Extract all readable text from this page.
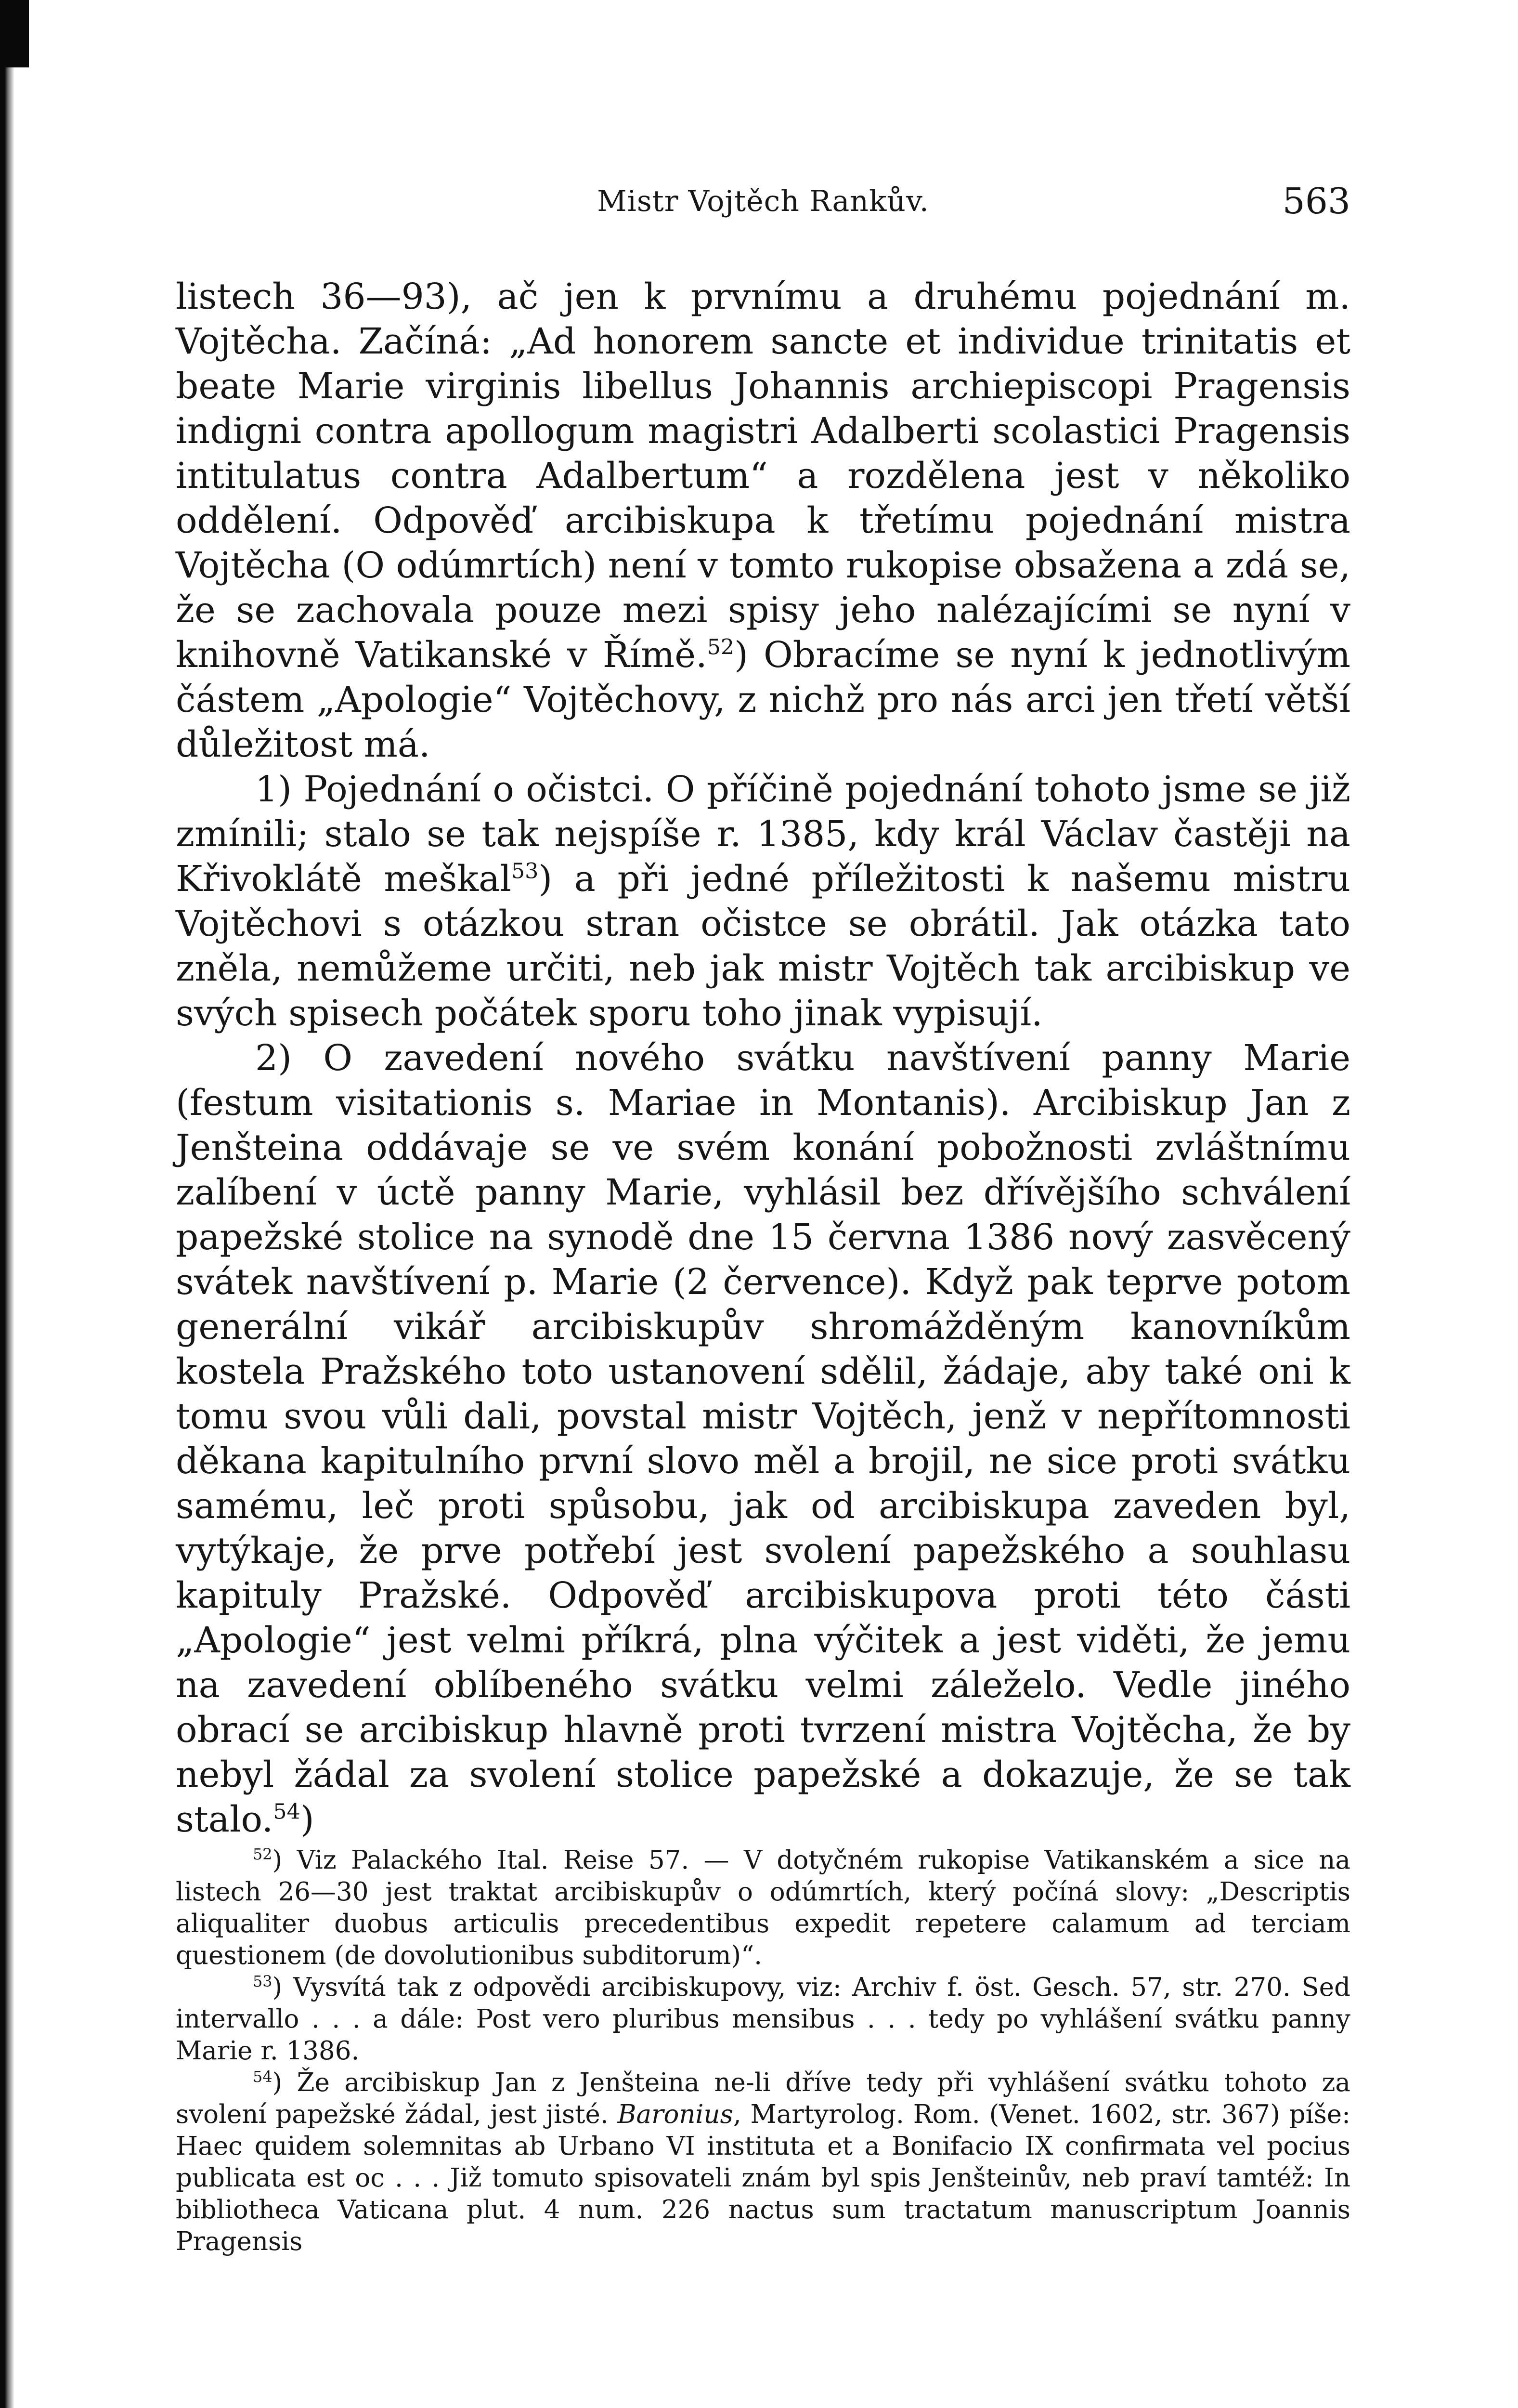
Mistr Vojtěch Rankův.	563

listech 36—93), ač jen k prvnímu a druhému pojednání m. Vojtěcha. Začíná: „Ad honorem sancte et individue trinitatis et beate Marie virginis libellus Johannis archiepiscopi Pragensis indigni contra apollogum magistri Adalberti scolastici Pragensis intitulatus contra Adalbertum“ a rozdělena jest v několiko oddělení. Odpověď arcibiskupa k třetímu pojednání mistra Vojtěcha (O odúmrtích) není v tomto rukopise obsažena a zdá se, že se zachovala pouze mezi spisy jeho nalézajícími se nyní v knihovně Vatikanské v Římě.$^{52}$) Obracíme se nyní k jednotlivým částem „Apologie“ Vojtěchovy, z nichž pro nás arci jen třetí větší důležitost má.

1) Pojednání o očistci. O příčině pojednání tohoto jsme se již zmínili; stalo se tak nejspíše r. 1385, kdy král Václav častěji na Křivoklátě meškal$^{53}$) a při jedné příležitosti k našemu mistru Vojtěchovi s otázkou stran očistce se obrátil. Jak otázka tato zněla, nemůžeme určiti, neb jak mistr Vojtěch tak arcibiskup ve svých spisech počátek sporu toho jinak vypisují.

2) O zavedení nového svátku navštívení panny Marie (festum visitationis s. Mariae in Montanis). Arcibiskup Jan z Jenšteina oddávaje se ve svém konání pobožnosti zvláštnímu zalíbení v úctě panny Marie, vyhlásil bez dřívějšího schválení papežské stolice na synodě dne 15 června 1386 nový zasvěcený svátek navštívení p. Marie (2 července). Když pak teprve potom generální vikář arcibiskupův shromážděným kanovníkům kostela Pražského toto ustanovení sdělil, žádaje, aby také oni k tomu svou vůli dali, povstal mistr Vojtěch, jenž v nepřítomnosti děkana kapitulního první slovo měl a brojil, ne sice proti svátku samému, leč proti spůsobu, jak od arcibiskupa zaveden byl, vytýkaje, že prve potřebí jest svolení papežského a souhlasu kapituly Pražské. Odpověď arcibiskupova proti této části „Apologie“ jest velmi příkrá, plna výčitek a jest viděti, že jemu na zavedení oblíbeného svátku velmi záleželo. Vedle jiného obrací se arcibiskup hlavně proti tvrzení mistra Vojtěcha, že by nebyl žádal za svolení stolice papežské a dokazuje, že se tak stalo.$^{54}$)

$^{52}$) Viz Palackého Ital. Reise 57. — V dotyčném rukopise Vatikanském a sice na listech 26—30 jest traktat arcibiskupův o odúmrtích, který počíná slovy: „Descriptis aliqualiter duobus articulis precedentibus expedit repetere calamum ad terciam questionem (de dovolutionibus subditorum)“.

$^{53}$) Vysvítá tak z odpovědi arcibiskupovy, viz: Archiv f. öst. Gesch. 57, str. 270. Sed intervallo . . . a dále: Post vero pluribus mensibus . . . tedy po vyhlášení svátku panny Marie r. 1386.

$^{54}$) Že arcibiskup Jan z Jenšteina ne-li dříve tedy při vyhlášení svátku tohoto za svolení papežské žádal, jest jisté. Baronius, Martyrolog. Rom. (Venet. 1602, str. 367) píše: Haec quidem solemnitas ab Urbano VI instituta et a Bonifacio IX confirmata vel pocius publicata est oc . . . Již tomuto spisovateli znám byl spis Jenšteinův, neb praví tamtéž: In bibliotheca Vaticana plut. 4 num. 226 nactus sum tractatum manuscriptum Joannis Pragensis
